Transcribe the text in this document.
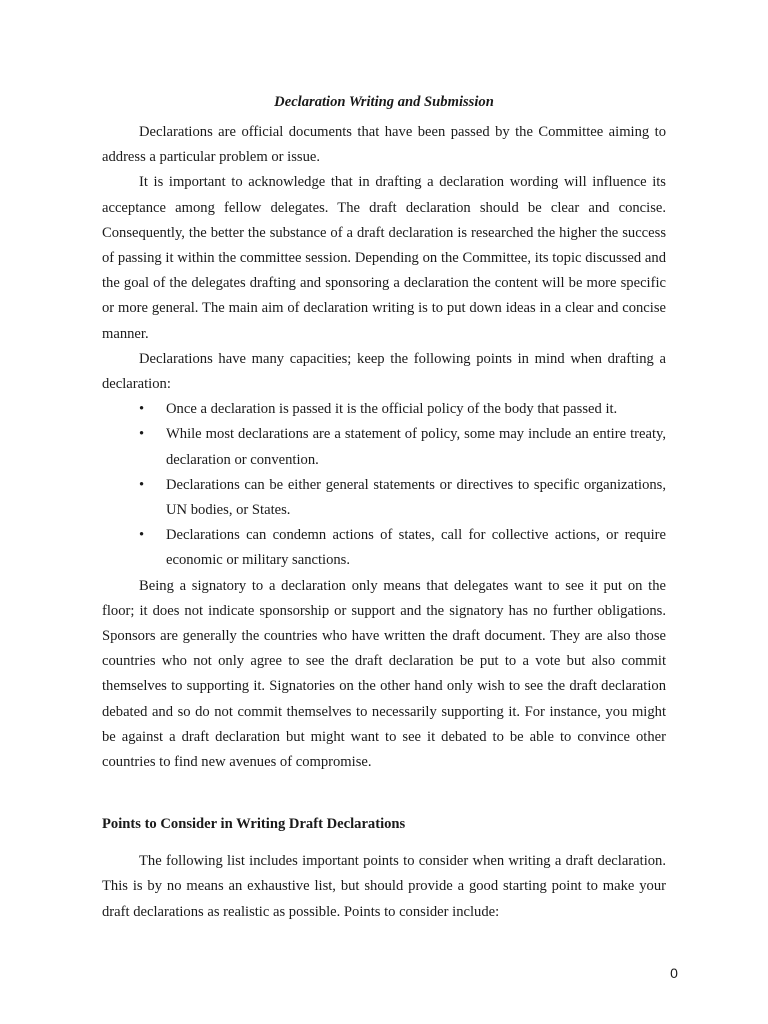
Declaration Writing and Submission

Declarations are official documents that have been passed by the Committee aiming to address a particular problem or issue.

It is important to acknowledge that in drafting a declaration wording will influence its acceptance among fellow delegates. The draft declaration should be clear and concise. Consequently, the better the substance of a draft declaration is researched the higher the success of passing it within the committee session. Depending on the Committee, its topic discussed and the goal of the delegates drafting and sponsoring a declaration the content will be more specific or more general. The main aim of declaration writing is to put down ideas in a clear and concise manner.

Declarations have many capacities; keep the following points in mind when drafting a declaration:

• Once a declaration is passed it is the official policy of the body that passed it.
• While most declarations are a statement of policy, some may include an entire treaty, declaration or convention.
• Declarations can be either general statements or directives to specific organizations, UN bodies, or States.
• Declarations can condemn actions of states, call for collective actions, or require economic or military sanctions.

Being a signatory to a declaration only means that delegates want to see it put on the floor; it does not indicate sponsorship or support and the signatory has no further obligations. Sponsors are generally the countries who have written the draft document. They are also those countries who not only agree to see the draft declaration be put to a vote but also commit themselves to supporting it. Signatories on the other hand only wish to see the draft declaration debated and so do not commit themselves to necessarily supporting it. For instance, you might be against a draft declaration but might want to see it debated to be able to convince other countries to find new avenues of compromise.

Points to Consider in Writing Draft Declarations

The following list includes important points to consider when writing a draft declaration. This is by no means an exhaustive list, but should provide a good starting point to make your draft declarations as realistic as possible. Points to consider include:

0
